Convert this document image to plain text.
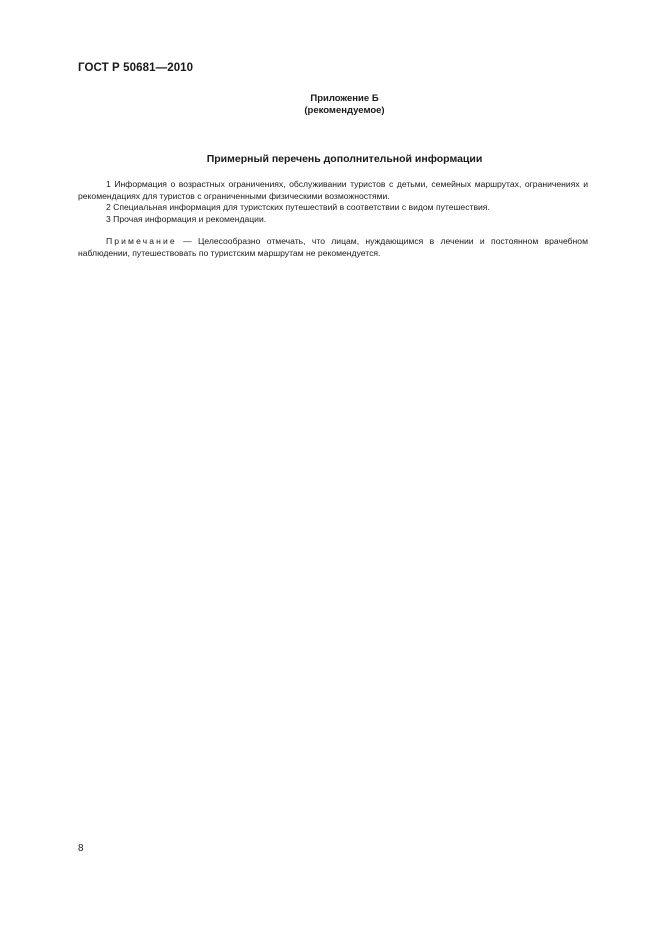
ГОСТ Р 50681—2010
Приложение Б
(рекомендуемое)
Примерный перечень дополнительной информации

1 Информация о возрастных ограничениях, обслуживании туристов с детьми, семейных маршрутах, ограничениях и рекомендациях для туристов с ограниченными физическими возможностями.

2 Специальная информация для туристских путешествий в соответствии с видом путешествия.

3 Прочая информация и рекомендации.

Примечание — Целесообразно отмечать, что лицам, нуждающимся в лечении и постоянном врачебном наблюдении, путешествовать по туристским маршрутам не рекомендуется.
8
